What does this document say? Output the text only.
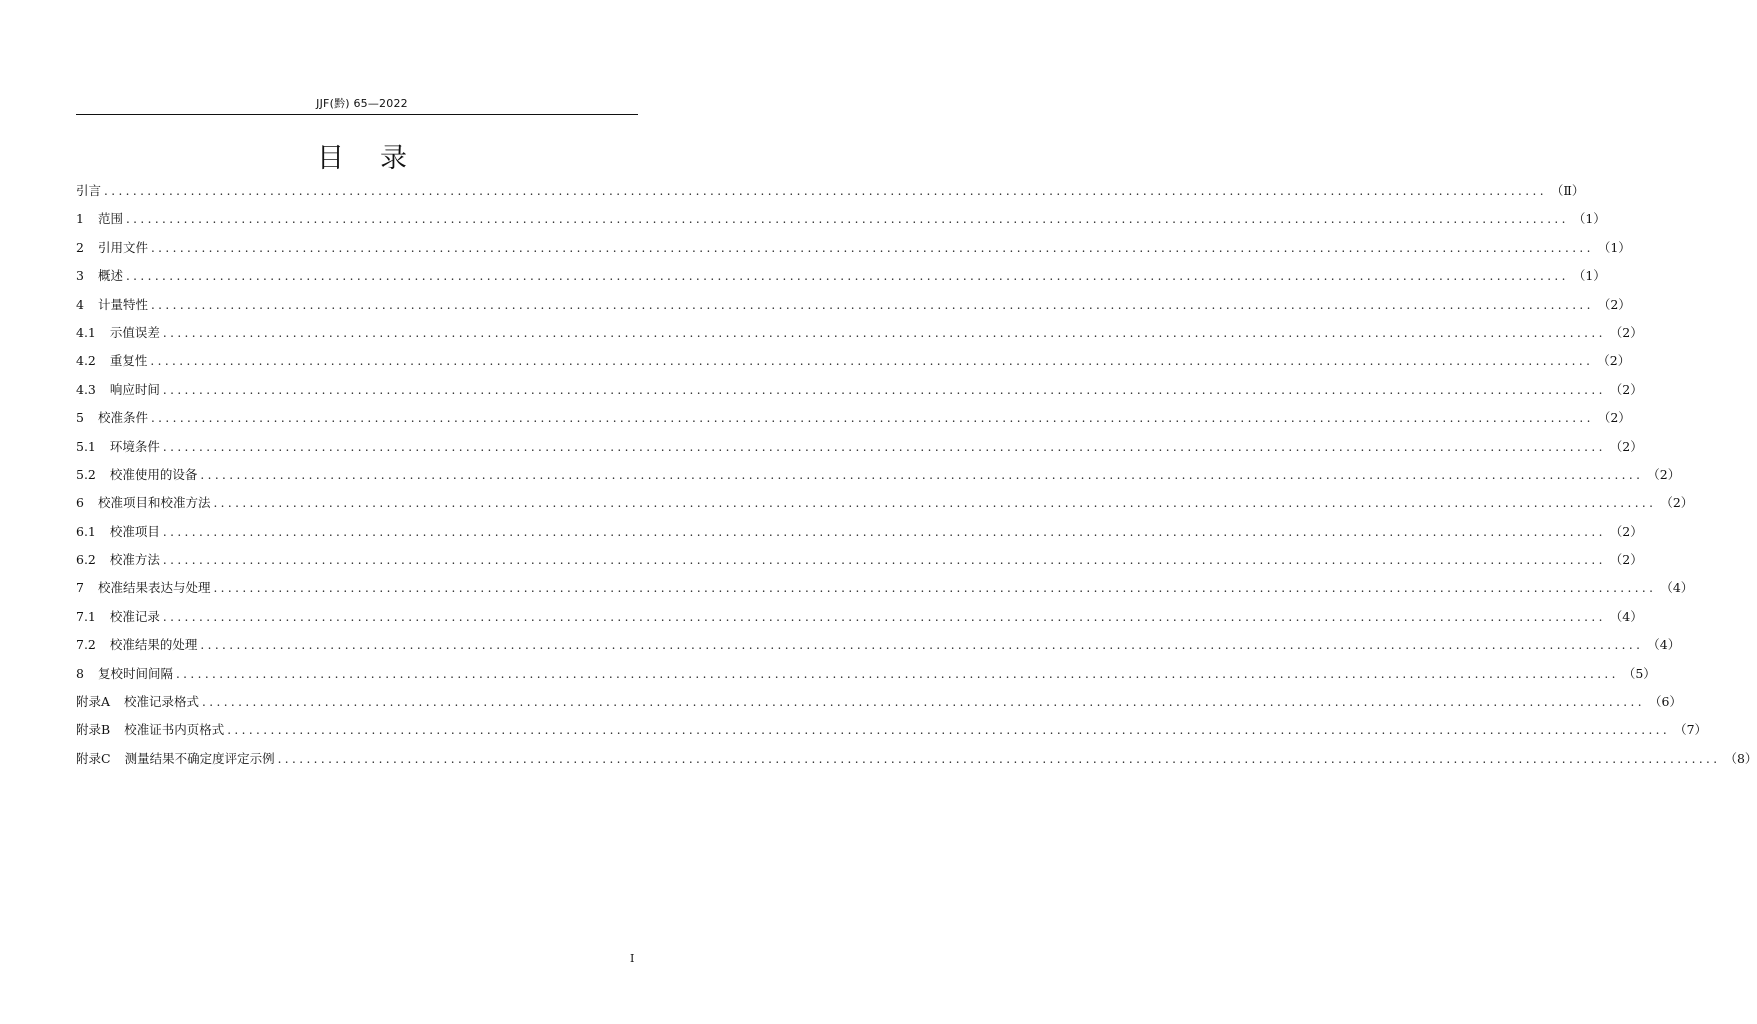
JJF(黔) 65—2022
目录
引言 ........................................................................................................................................................................................................ （Ⅱ）
1 范围 ........................................................................................................................................................................................................ （1）
2 引用文件 ........................................................................................................................................................................................................ （1）
3 概述 ........................................................................................................................................................................................................ （1）
4 计量特性 ........................................................................................................................................................................................................ （2）
4.1 示值误差 ........................................................................................................................................................................................................ （2）
4.2 重复性 ........................................................................................................................................................................................................ （2）
4.3 响应时间 ........................................................................................................................................................................................................ （2）
5 校准条件 ........................................................................................................................................................................................................ （2）
5.1 环境条件 ........................................................................................................................................................................................................ （2）
5.2 校准使用的设备 ........................................................................................................................................................................................................ （2）
6 校准项目和校准方法 ........................................................................................................................................................................................................ （2）
6.1 校准项目 ........................................................................................................................................................................................................ （2）
6.2 校准方法 ........................................................................................................................................................................................................ （2）
7 校准结果表达与处理 ........................................................................................................................................................................................................ （4）
7.1 校准记录 ........................................................................................................................................................................................................ （4）
7.2 校准结果的处理 ........................................................................................................................................................................................................ （4）
8 复校时间间隔 ........................................................................................................................................................................................................ （5）
附录A 校准记录格式 ........................................................................................................................................................................................................ （6）
附录B 校准证书内页格式 ........................................................................................................................................................................................................ （7）
附录C 测量结果不确定度评定示例 ........................................................................................................................................................................................................ （8）
I
